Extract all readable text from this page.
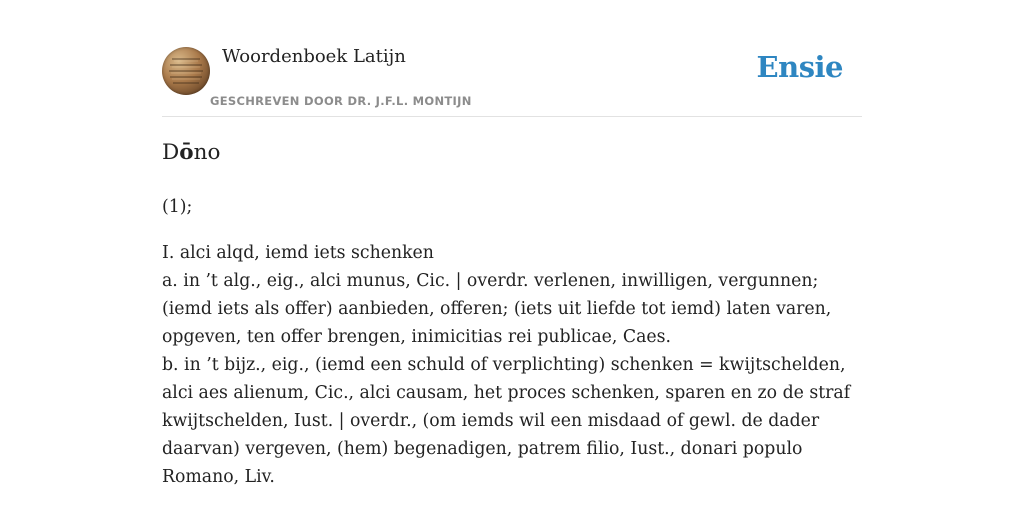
Woordenboek Latijn
GESCHREVEN DOOR DR. J.F.L. MONTIJN
Ensie
Dōno

(1);

I. alci alqd, iemd iets schenken

a. in ’t alg., eig., alci munus, Cic. | overdr. verlenen, inwilligen, vergunnen; (iemd iets als offer) aanbieden, offeren; (iets uit liefde tot iemd) laten varen, opgeven, ten offer brengen, inimicitias rei publicae, Caes.

b. in ’t bijz., eig., (iemd een schuld of verplichting) schenken = kwijtschelden, alci aes alienum, Cic., alci causam, het proces schenken, sparen en zo de straf kwijtschelden, Iust. | overdr., (om iemds wil een misdaad of gewl. de dader daarvan) vergeven, (hem) begenadigen, patrem filio, Iust., donari populo Romano, Liv.
